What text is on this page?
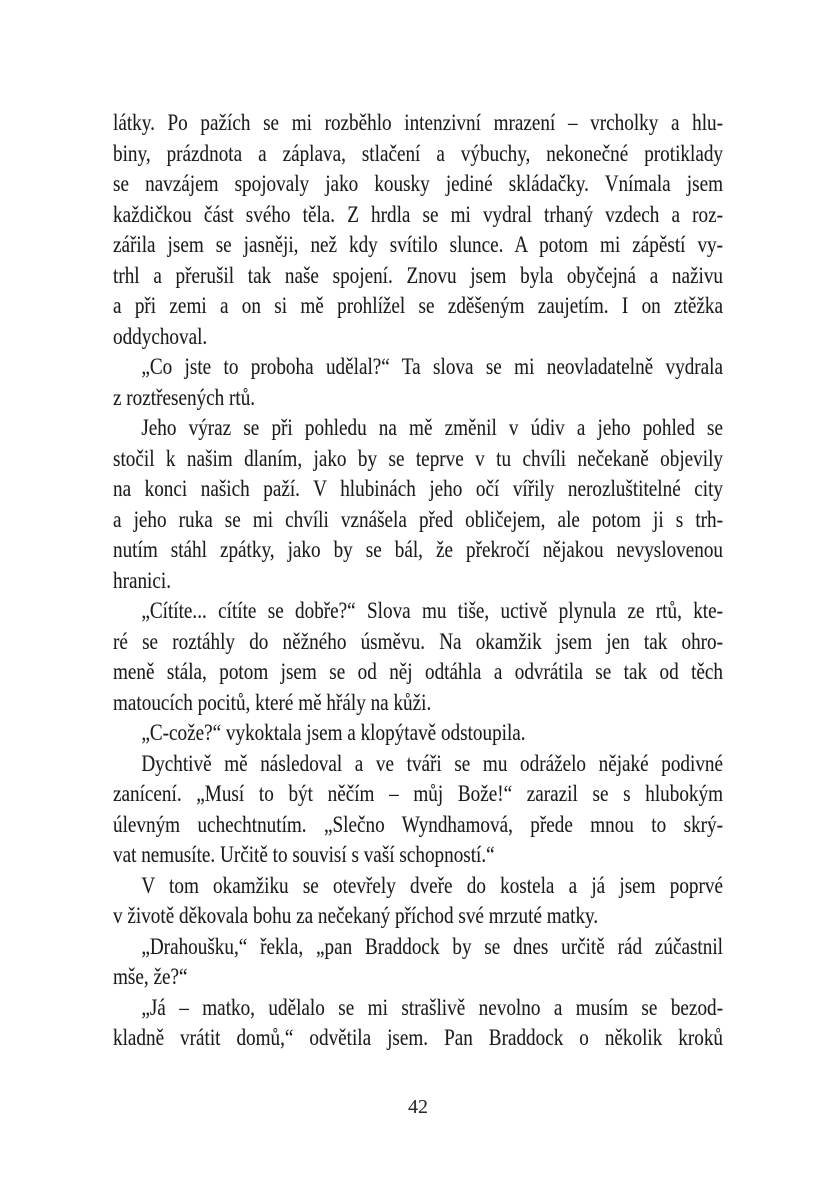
látky. Po pažích se mi rozběhlo intenzivní mrazení – vrcholky a hlu-
biny, prázdnota a záplava, stlačení a výbuchy, nekonečné protiklady
se navzájem spojovaly jako kousky jediné skládačky. Vnímala jsem
každičkou část svého těla. Z hrdla se mi vydral trhaný vzdech a roz-
zářila jsem se jasněji, než kdy svítilo slunce. A potom mi zápěstí vy-
trhl a přerušil tak naše spojení. Znovu jsem byla obyčejná a naživu
a při zemi a on si mě prohlížel se zděšeným zaujetím. I on ztěžka
oddychoval.
„Co jste to proboha udělal?“ Ta slova se mi neovladatelně vydrala
z roztřesených rtů.
Jeho výraz se při pohledu na mě změnil v údiv a jeho pohled se
stočil k našim dlaním, jako by se teprve v tu chvíli nečekaně objevily
na konci našich paží. V hlubinách jeho očí vířily nerozluštitelné city
a jeho ruka se mi chvíli vznášela před obličejem, ale potom ji s trh-
nutím stáhl zpátky, jako by se bál, že překročí nějakou nevyslovenou
hranici.
„Cítíte... cítíte se dobře?“ Slova mu tiše, uctivě plynula ze rtů, kte-
ré se roztáhly do něžného úsměvu. Na okamžik jsem jen tak ohro-
meně stála, potom jsem se od něj odtáhla a odvrátila se tak od těch
matoucích pocitů, které mě hřály na kůži.
„C-cože?“ vykoktala jsem a klopýtavě odstoupila.
Dychtivě mě následoval a ve tváři se mu odráželo nějaké podivné
zanícení. „Musí to být něčím – můj Bože!“ zarazil se s hlubokým
úlevným uchechtnutím. „Slečno Wyndhamová, přede mnou to skrý-
vat nemusíte. Určitě to souvisí s vaší schopností.“
V tom okamžiku se otevřely dveře do kostela a já jsem poprvé
v životě děkovala bohu za nečekaný příchod své mrzuté matky.
„Drahoušku,“ řekla, „pan Braddock by se dnes určitě rád zúčastnil
mše, že?“
„Já – matko, udělalo se mi strašlivě nevolno a musím se bezod-
kladně vrátit domů,“ odvětila jsem. Pan Braddock o několik kroků
42
